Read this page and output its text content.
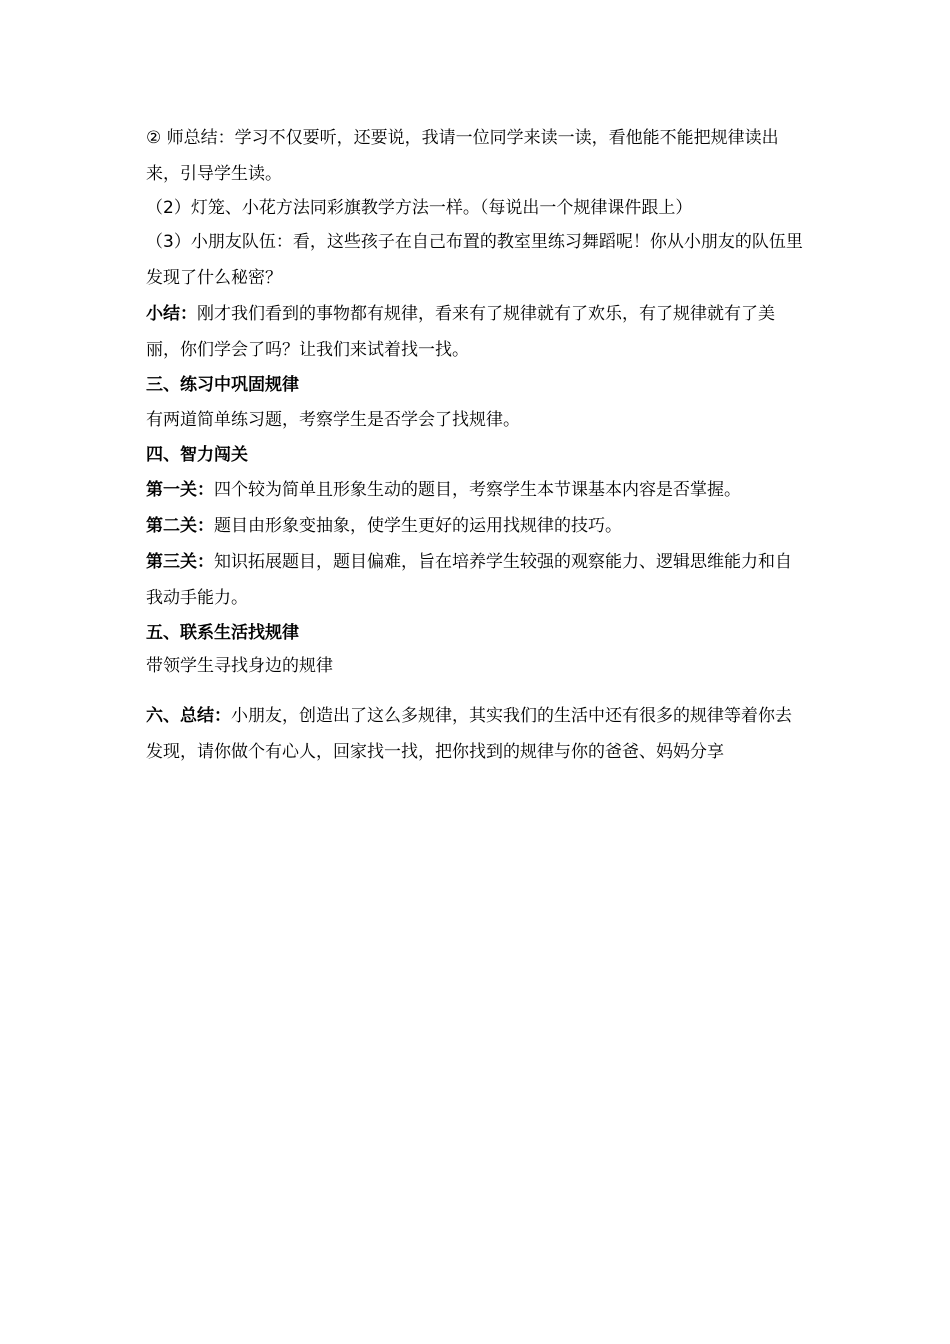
② 师总结：学习不仅要听，还要说，我请一位同学来读一读，看他能不能把规律读出来，引导学生读。

（2）灯笼、小花方法同彩旗教学方法一样。（每说出一个规律课件跟上）

（3）小朋友队伍：看，这些孩子在自己布置的教室里练习舞蹈呢！你从小朋友的队伍里发现了什么秘密？

小结：刚才我们看到的事物都有规律，看来有了规律就有了欢乐，有了规律就有了美丽，你们学会了吗？让我们来试着找一找。

三、练习中巩固规律

有两道简单练习题，考察学生是否学会了找规律。

四、智力闯关

第一关：四个较为简单且形象生动的题目，考察学生本节课基本内容是否掌握。

第二关：题目由形象变抽象，使学生更好的运用找规律的技巧。

第三关：知识拓展题目，题目偏难，旨在培养学生较强的观察能力、逻辑思维能力和自我动手能力。

五、联系生活找规律

带领学生寻找身边的规律

六、总结：小朋友，创造出了这么多规律，其实我们的生活中还有很多的规律等着你去发现，请你做个有心人，回家找一找，把你找到的规律与你的爸爸、妈妈分享
